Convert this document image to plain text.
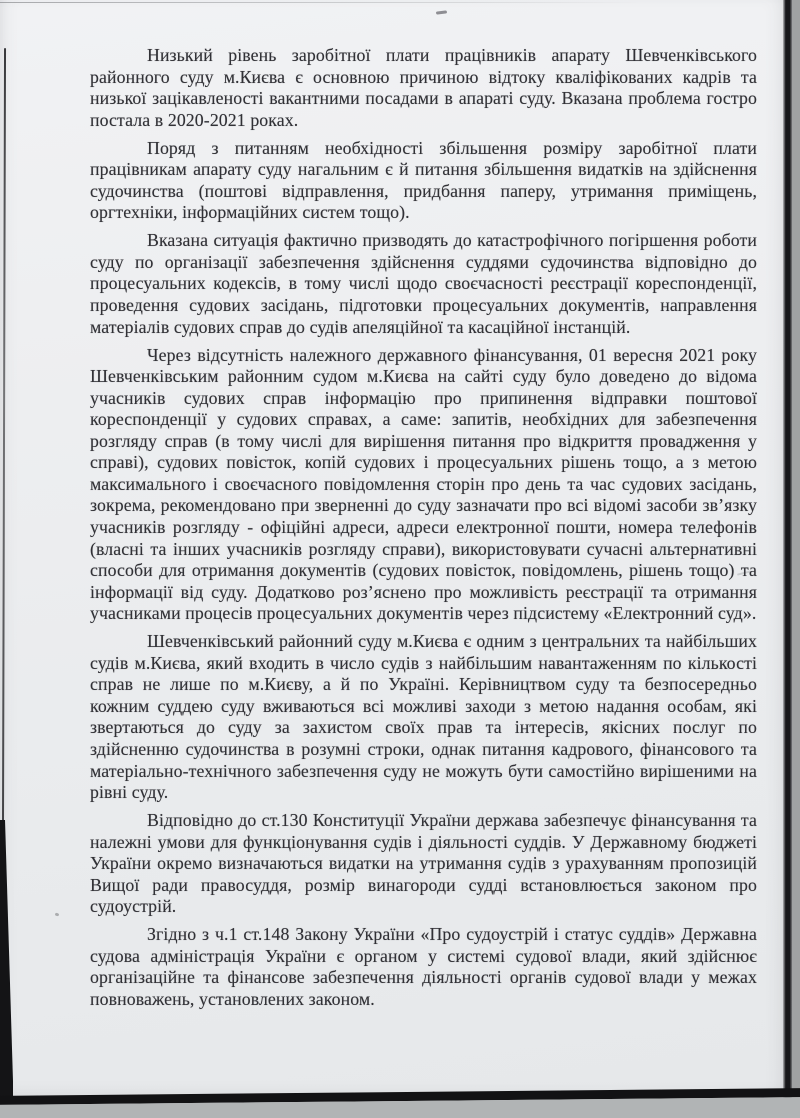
Низький рівень заробітної плати працівників апарату Шевченківського районного суду м.Києва є основною причиною відтоку кваліфікованих кадрів та низької зацікавленості вакантними посадами в апараті суду. Вказана проблема гостро постала в 2020-2021 роках.

Поряд з питанням необхідності збільшення розміру заробітної плати працівникам апарату суду нагальним є й питання збільшення видатків на здійснення судочинства (поштові відправлення, придбання паперу, утримання приміщень, оргтехніки, інформаційних систем тощо).

Вказана ситуація фактично призводять до катастрофічного погіршення роботи суду по організації забезпечення здійснення суддями судочинства відповідно до процесуальних кодексів, в тому числі щодо своєчасності реєстрації кореспонденції, проведення судових засідань, підготовки процесуальних документів, направлення матеріалів судових справ до судів апеляційної та касаційної інстанцій.

Через відсутність належного державного фінансування, 01 вересня 2021 року Шевченківським районним судом м.Києва на сайті суду було доведено до відома учасників судових справ інформацію про припинення відправки поштової кореспонденції у судових справах, а саме: запитів, необхідних для забезпечення розгляду справ (в тому числі для вирішення питання про відкриття провадження у справі), судових повісток, копій судових і процесуальних рішень тощо, а з метою максимального і своєчасного повідомлення сторін про день та час судових засідань, зокрема, рекомендовано при зверненні до суду зазначати про всі відомі засоби зв’язку учасників розгляду - офіційні адреси, адреси електронної пошти, номера телефонів (власні та інших учасників розгляду справи), використовувати сучасні альтернативні способи для отримання документів (судових повісток, повідомлень, рішень тощо) та інформації від суду. Додатково роз’яснено про можливість реєстрації та отримання учасниками процесів процесуальних документів через підсистему «Електронний суд».

Шевченківський районний суду м.Києва є одним з центральних та найбільших судів м.Києва, який входить в число судів з найбільшим навантаженням по кількості справ не лише по м.Києву, а й по Україні. Керівництвом суду та безпосередньо кожним суддею суду вживаються всі можливі заходи з метою надання особам, які звертаються до суду за захистом своїх прав та інтересів, якісних послуг по здійсненню судочинства в розумні строки, однак питання кадрового, фінансового та матеріально-технічного забезпечення суду не можуть бути самостійно вирішеними на рівні суду.

Відповідно до ст.130 Конституції України держава забезпечує фінансування та належні умови для функціонування судів і діяльності суддів. У Державному бюджеті України окремо визначаються видатки на утримання судів з урахуванням пропозицій Вищої ради правосуддя, розмір винагороди судді встановлюється законом про судоустрій.

Згідно з ч.1 ст.148 Закону України «Про судоустрій і статус суддів» Державна судова адміністрація України є органом у системі судової влади, який здійснює організаційне та фінансове забезпечення діяльності органів судової влади у межах повноважень, установлених законом.
